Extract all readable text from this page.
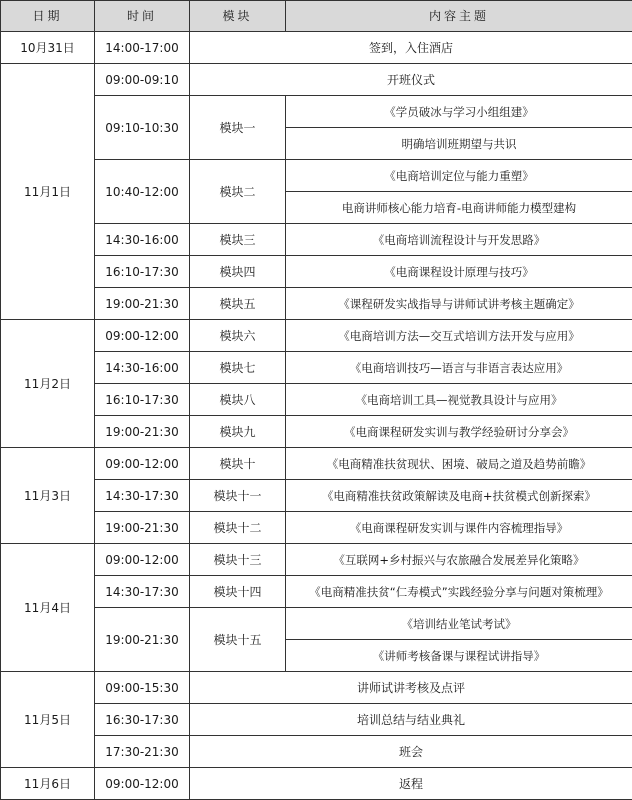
日期	时间	模块	内容主题
10月31日	14:00-17:00	签到，入住酒店	
11月1日	09:00-09:10	开班仪式	
	09:10-10:30	模块一	《学员破冰与学习小组组建》
			明确培训班期望与共识
	10:40-12:00	模块二	《电商培训定位与能力重塑》
			电商讲师核心能力培育-电商讲师能力模型建构
	14:30-16:00	模块三	《电商培训流程设计与开发思路》
	16:10-17:30	模块四	《电商课程设计原理与技巧》
	19:00-21:30	模块五	《课程研发实战指导与讲师试讲考核主题确定》
11月2日	09:00-12:00	模块六	《电商培训方法—交互式培训方法开发与应用》
	14:30-16:00	模块七	《电商培训技巧—语言与非语言表达应用》
	16:10-17:30	模块八	《电商培训工具—视觉教具设计与应用》
	19:00-21:30	模块九	《电商课程研发实训与教学经验研讨分享会》
11月3日	09:00-12:00	模块十	《电商精准扶贫现状、困境、破局之道及趋势前瞻》
	14:30-17:30	模块十一	《电商精准扶贫政策解读及电商+扶贫模式创新探索》
	19:00-21:30	模块十二	《电商课程研发实训与课件内容梳理指导》
11月4日	09:00-12:00	模块十三	《互联网+乡村振兴与农旅融合发展差异化策略》
	14:30-17:30	模块十四	《电商精准扶贫“仁寿模式”实践经验分享与问题对策梳理》
	19:00-21:30	模块十五	《培训结业笔试考试》
			《讲师考核备课与课程试讲指导》
11月5日	09:00-15:30	讲师试讲考核及点评	
	16:30-17:30	培训总结与结业典礼	
	17:30-21:30	班会	
11月6日	09:00-12:00	返程	
